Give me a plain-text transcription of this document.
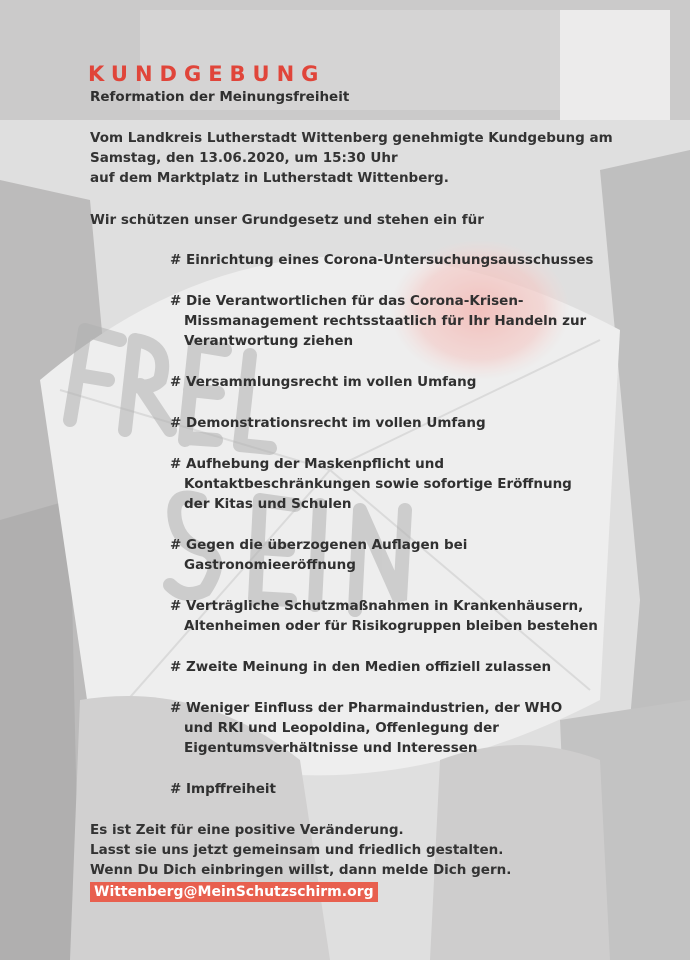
KUNDGEBUNG

Reformation der Meinungsfreiheit

Vom Landkreis Lutherstadt Wittenberg genehmigte Kundgebung am
Samstag, den 13.06.2020, um 15:30 Uhr
auf dem Marktplatz in Lutherstadt Wittenberg.
Wir schützen unser Grundgesetz und stehen ein für
# Einrichtung eines Corona-Untersuchungsausschusses
# Die Verantwortlichen für das Corona-Krisen-
Missmanagement rechtsstaatlich für Ihr Handeln zur
Verantwortung ziehen
# Versammlungsrecht im vollen Umfang
# Demonstrationsrecht im vollen Umfang
# Aufhebung der Maskenpflicht und
Kontaktbeschränkungen sowie sofortige Eröffnung
der Kitas und Schulen
# Gegen die überzogenen Auflagen bei
Gastronomieeröffnung
# Verträgliche Schutzmaßnahmen in Krankenhäusern,
Altenheimen oder für Risikogruppen bleiben bestehen
# Zweite Meinung in den Medien offiziell zulassen
# Weniger Einfluss der Pharmaindustrien, der WHO
und RKI und Leopoldina, Offenlegung der
Eigentumsverhältnisse und Interessen
# Impffreiheit
Es ist Zeit für eine positive Veränderung.
Lasst sie uns jetzt gemeinsam und friedlich gestalten.
Wenn Du Dich einbringen willst, dann melde Dich gern.
Wittenberg@MeinSchutzschirm.org
